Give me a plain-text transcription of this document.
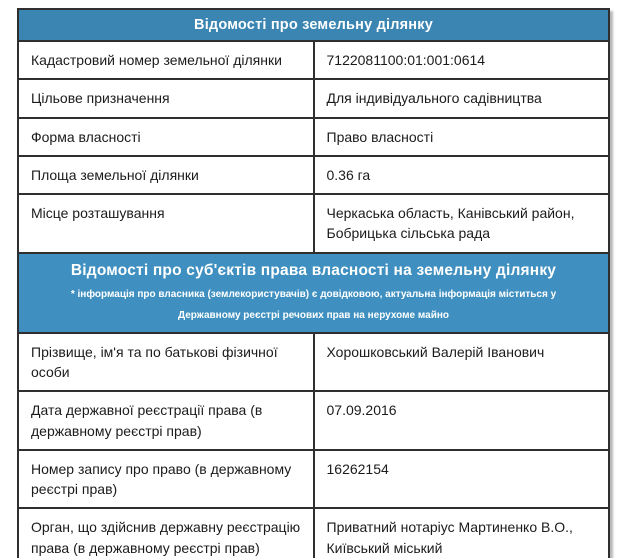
Відомості про земельну ділянку	
Кадастровий номер земельної ділянки	7122081100:01:001:0614
Цільове призначення	Для індивідуального садівництва
Форма власності	Право власності
Площа земельної ділянки	0.36 га
Місце розташування	Черкаська область, Канівський район, Бобрицька сільська рада

Відомості про суб'єктів права власності на земельну ділянку
* інформація про власника (землекористувачів) є довідковою, актуальна інформація міститься у Державному реєстрі речових прав на нерухоме майно	

Прізвище, ім'я та по батькові фізичної особи	Хорошковський Валерій Іванович
Дата державної реєстрації права (в державному реєстрі прав)	07.09.2016
Номер запису про право (в державному реєстрі прав)	16262154
Орган, що здійснив державну реєстрацію права (в державному реєстрі прав)	Приватний нотаріус Мартиненко В.О., Київський міський
